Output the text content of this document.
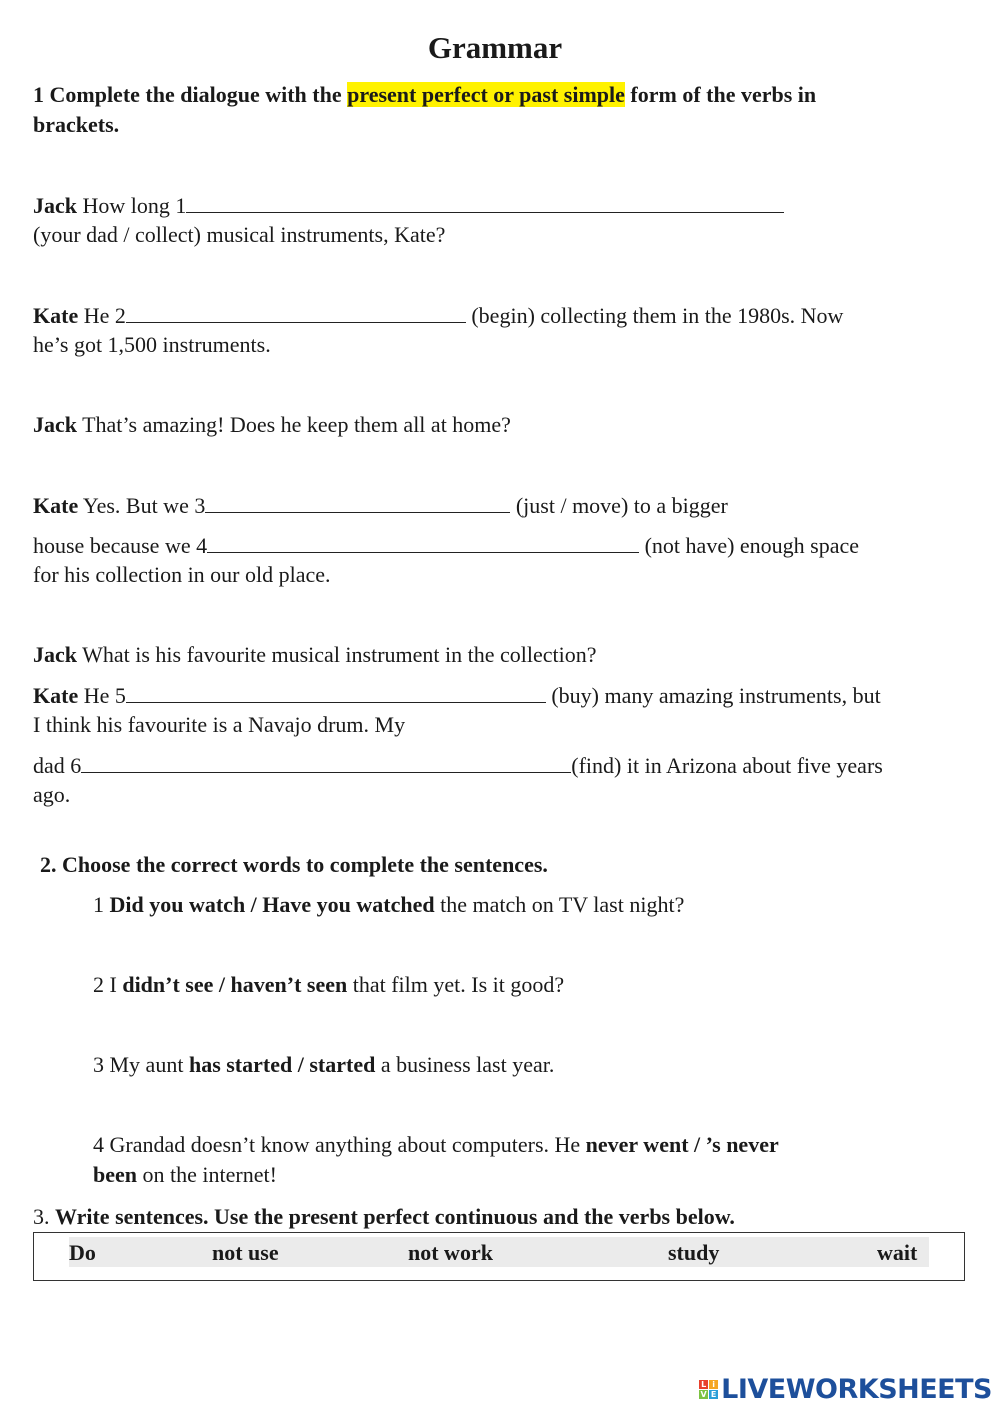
Grammar
1 Complete the dialogue with the present perfect or past simple form of the verbs in
brackets.
Jack How long 1
(your dad / collect) musical instruments, Kate?
Kate He 2	(begin) collecting them in the 1980s. Now
he’s got 1,500 instruments.
Jack That’s amazing! Does he keep them all at home?
Kate Yes. But we 3	(just / move) to a bigger
house because we 4	(not have) enough space
for his collection in our old place.
Jack What is his favourite musical instrument in the collection?
Kate He 5	(buy) many amazing instruments, but
I think his favourite is a Navajo drum. My
dad 6	(find) it in Arizona about five years
ago.
2. Choose the correct words to complete the sentences.
1 Did you watch / Have you watched the match on TV last night?
2 I didn’t see / haven’t seen that film yet. Is it good?
3 My aunt has started / started a business last year.
4 Grandad doesn’t know anything about computers. He never went / ’s never
been on the internet!
3. Write sentences. Use the present perfect continuous and the verbs below.
Do	not use	not work	study	wait
L i
V E LIVEWORKSHEETS
